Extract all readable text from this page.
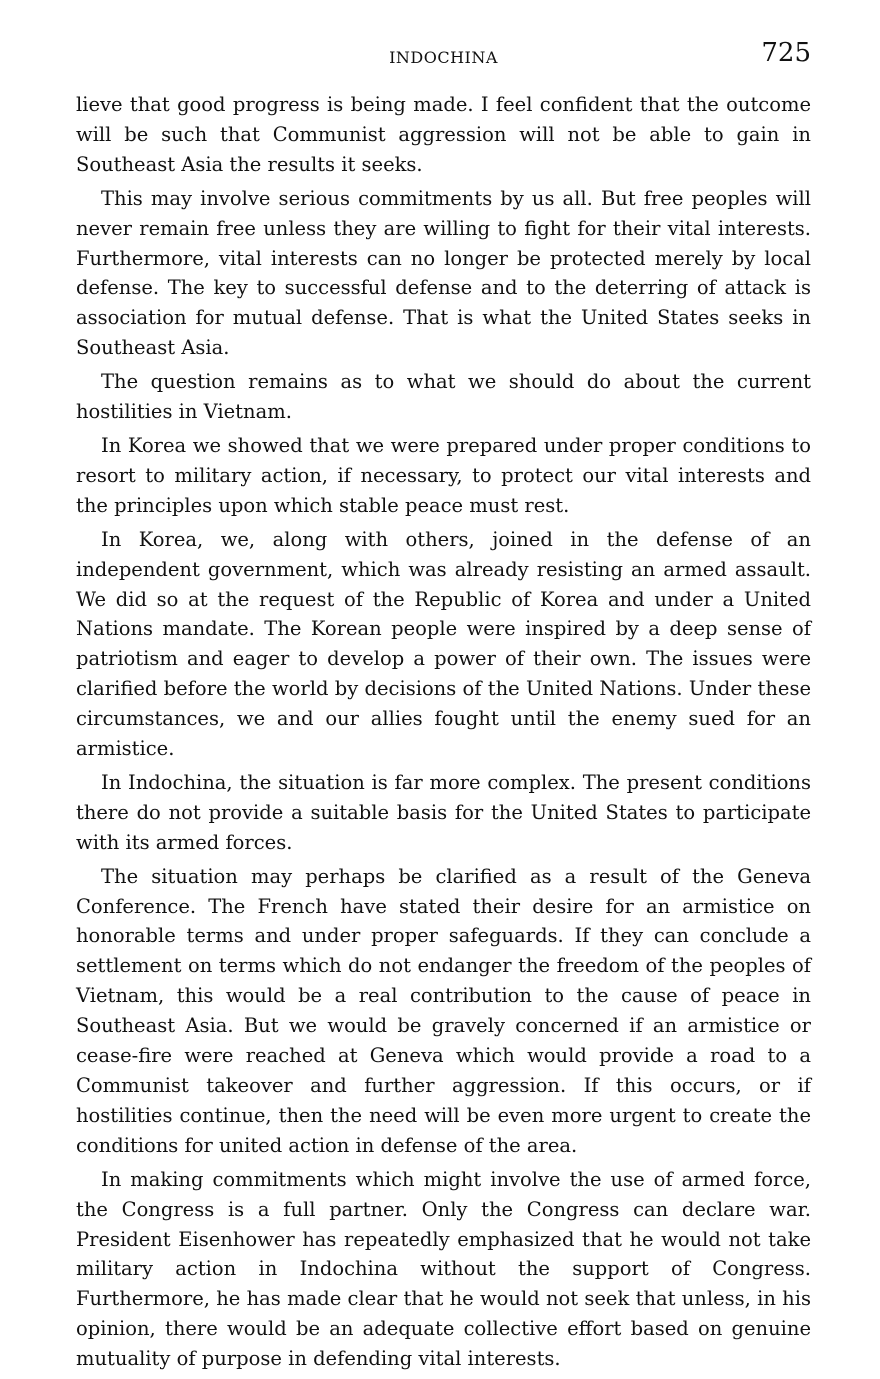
INDOCHINA	725

lieve that good progress is being made. I feel confident that the outcome will be such that Communist aggression will not be able to gain in Southeast Asia the results it seeks.

This may involve serious commitments by us all. But free peoples will never remain free unless they are willing to fight for their vital interests. Furthermore, vital interests can no longer be protected merely by local defense. The key to successful defense and to the deterring of attack is association for mutual defense. That is what the United States seeks in Southeast Asia.

The question remains as to what we should do about the current hostilities in Vietnam.

In Korea we showed that we were prepared under proper conditions to resort to military action, if necessary, to protect our vital interests and the principles upon which stable peace must rest.

In Korea, we, along with others, joined in the defense of an independent government, which was already resisting an armed assault. We did so at the request of the Republic of Korea and under a United Nations mandate. The Korean people were inspired by a deep sense of patriotism and eager to develop a power of their own. The issues were clarified before the world by decisions of the United Nations. Under these circumstances, we and our allies fought until the enemy sued for an armistice.

In Indochina, the situation is far more complex. The present conditions there do not provide a suitable basis for the United States to participate with its armed forces.

The situation may perhaps be clarified as a result of the Geneva Conference. The French have stated their desire for an armistice on honorable terms and under proper safeguards. If they can conclude a settlement on terms which do not endanger the freedom of the peoples of Vietnam, this would be a real contribution to the cause of peace in Southeast Asia. But we would be gravely concerned if an armistice or cease-fire were reached at Geneva which would provide a road to a Communist takeover and further aggression. If this occurs, or if hostilities continue, then the need will be even more urgent to create the conditions for united action in defense of the area.

In making commitments which might involve the use of armed force, the Congress is a full partner. Only the Congress can declare war. President Eisenhower has repeatedly emphasized that he would not take military action in Indochina without the support of Congress. Furthermore, he has made clear that he would not seek that unless, in his opinion, there would be an adequate collective effort based on genuine mutuality of purpose in defending vital interests.
